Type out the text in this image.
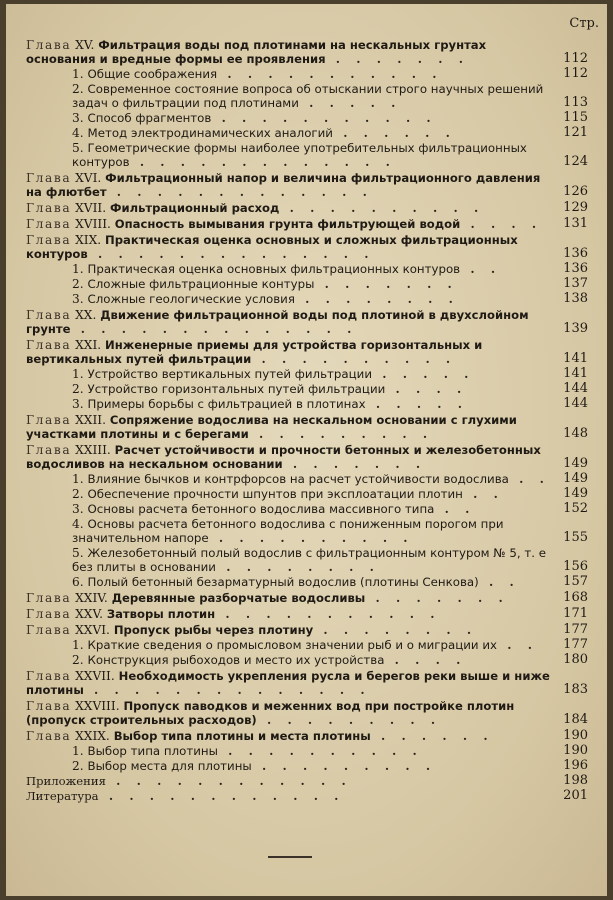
Стр.
Глава XV. Фильтрация воды под плотинами на нескальных грунтах основания и вредные формы ее проявления . . . . . . .	112
1. Общие соображения . . . . . . . . . . .	112
2. Современное состояние вопроса об отыскании строго научных решений задач о фильтрации под плотинами . . . . .	113
3. Способ фрагментов . . . . . . . . . . .	115
4. Метод электродинамических аналогий . . . . . .	121
5. Геометрические формы наиболее употребительных фильтрационных контуров . . . . . . . . . . . . .	124
Глава XVI. Фильтрационный напор и величина фильтрационного давления на флютбет . . . . . . . . . . . . .	126
Глава XVII. Фильтрационный расход . . . . . . . . . .	129
Глава XVIII. Опасность вымывания грунта фильтрующей водой . . . . 131
Глава XIX. Практическая оценка основных и сложных фильтрационных контуров . . . . . . . . . . . . . .	136
1. Практическая оценка основных фильтрационных контуров . .	136
2. Сложные фильтрационные контуры . . . . . . .	137
3. Сложные геологические условия . . . . . . . .	138
Глава XX. Движение фильтрационной воды под плотиной в двухслойном грунте . . . . . . . . . . . . . .	139
Глава XXI. Инженерные приемы для устройства горизонтальных и вертикальных путей фильтрации . . . . . . . . . .	141
1. Устройство вертикальных путей фильтрации . . . . .	141
2. Устройство горизонтальных путей фильтрации . . . .	144
3. Примеры борьбы с фильтрацией в плотинах . . . . .	144
Глава XXII. Сопряжение водослива на нескальном основании с глухими участками плотины и с берегами . . . . . . . . .	148
Глава XXIII. Расчет устойчивости и прочности бетонных и железобетонных водосливов на нескальном основании . . . . . . .	149
1. Влияние бычков и контрфорсов на расчет устойчивости водослива . . 149
2. Обеспечение прочности шпунтов при эксплоатации плотин . .	149
3. Основы расчета бетонного водослива массивного типа . .	152
4. Основы расчета бетонного водослива с пониженным порогом при значительном напоре . . . . . . . . . .	155
5. Железобетонный полый водослив с фильтрационным контуром № 5, т. е без плиты в основании . . . . . . . .	156
6. Полый бетонный безарматурный водослив (плотины Сенкова) . .	157
Глава XXIV. Деревянные разборчатые водосливы . . . . . . .	168
Глава XXV. Затворы плотин . . . . . . . . . . .	171
Глава XXVI. Пропуск рыбы через плотину . . . . . . . .	177
1. Краткие сведения о промысловом значении рыб и о миграции их . . 177
2. Конструкция рыбоходов и место их устройства . . . .	180
Глава XXVII. Необходимость укрепления русла и берегов реки выше и ниже плотины . . . . . . . . . . . . . .	183
Глава XXVIII. Пропуск паводков и меженних вод при постройке плотин (пропуск строительных расходов) . . . . . . . . .	184
Глава XXIX. Выбор типа плотины и места плотины . . . . . .	190
1. Выбор типа плотины . . . . . . . . . .	190
2. Выбор места для плотины . . . . . . . . .	196
Приложения . . . . . . . . . . . .	198
Литература . . . . . . . . . . . .	201
